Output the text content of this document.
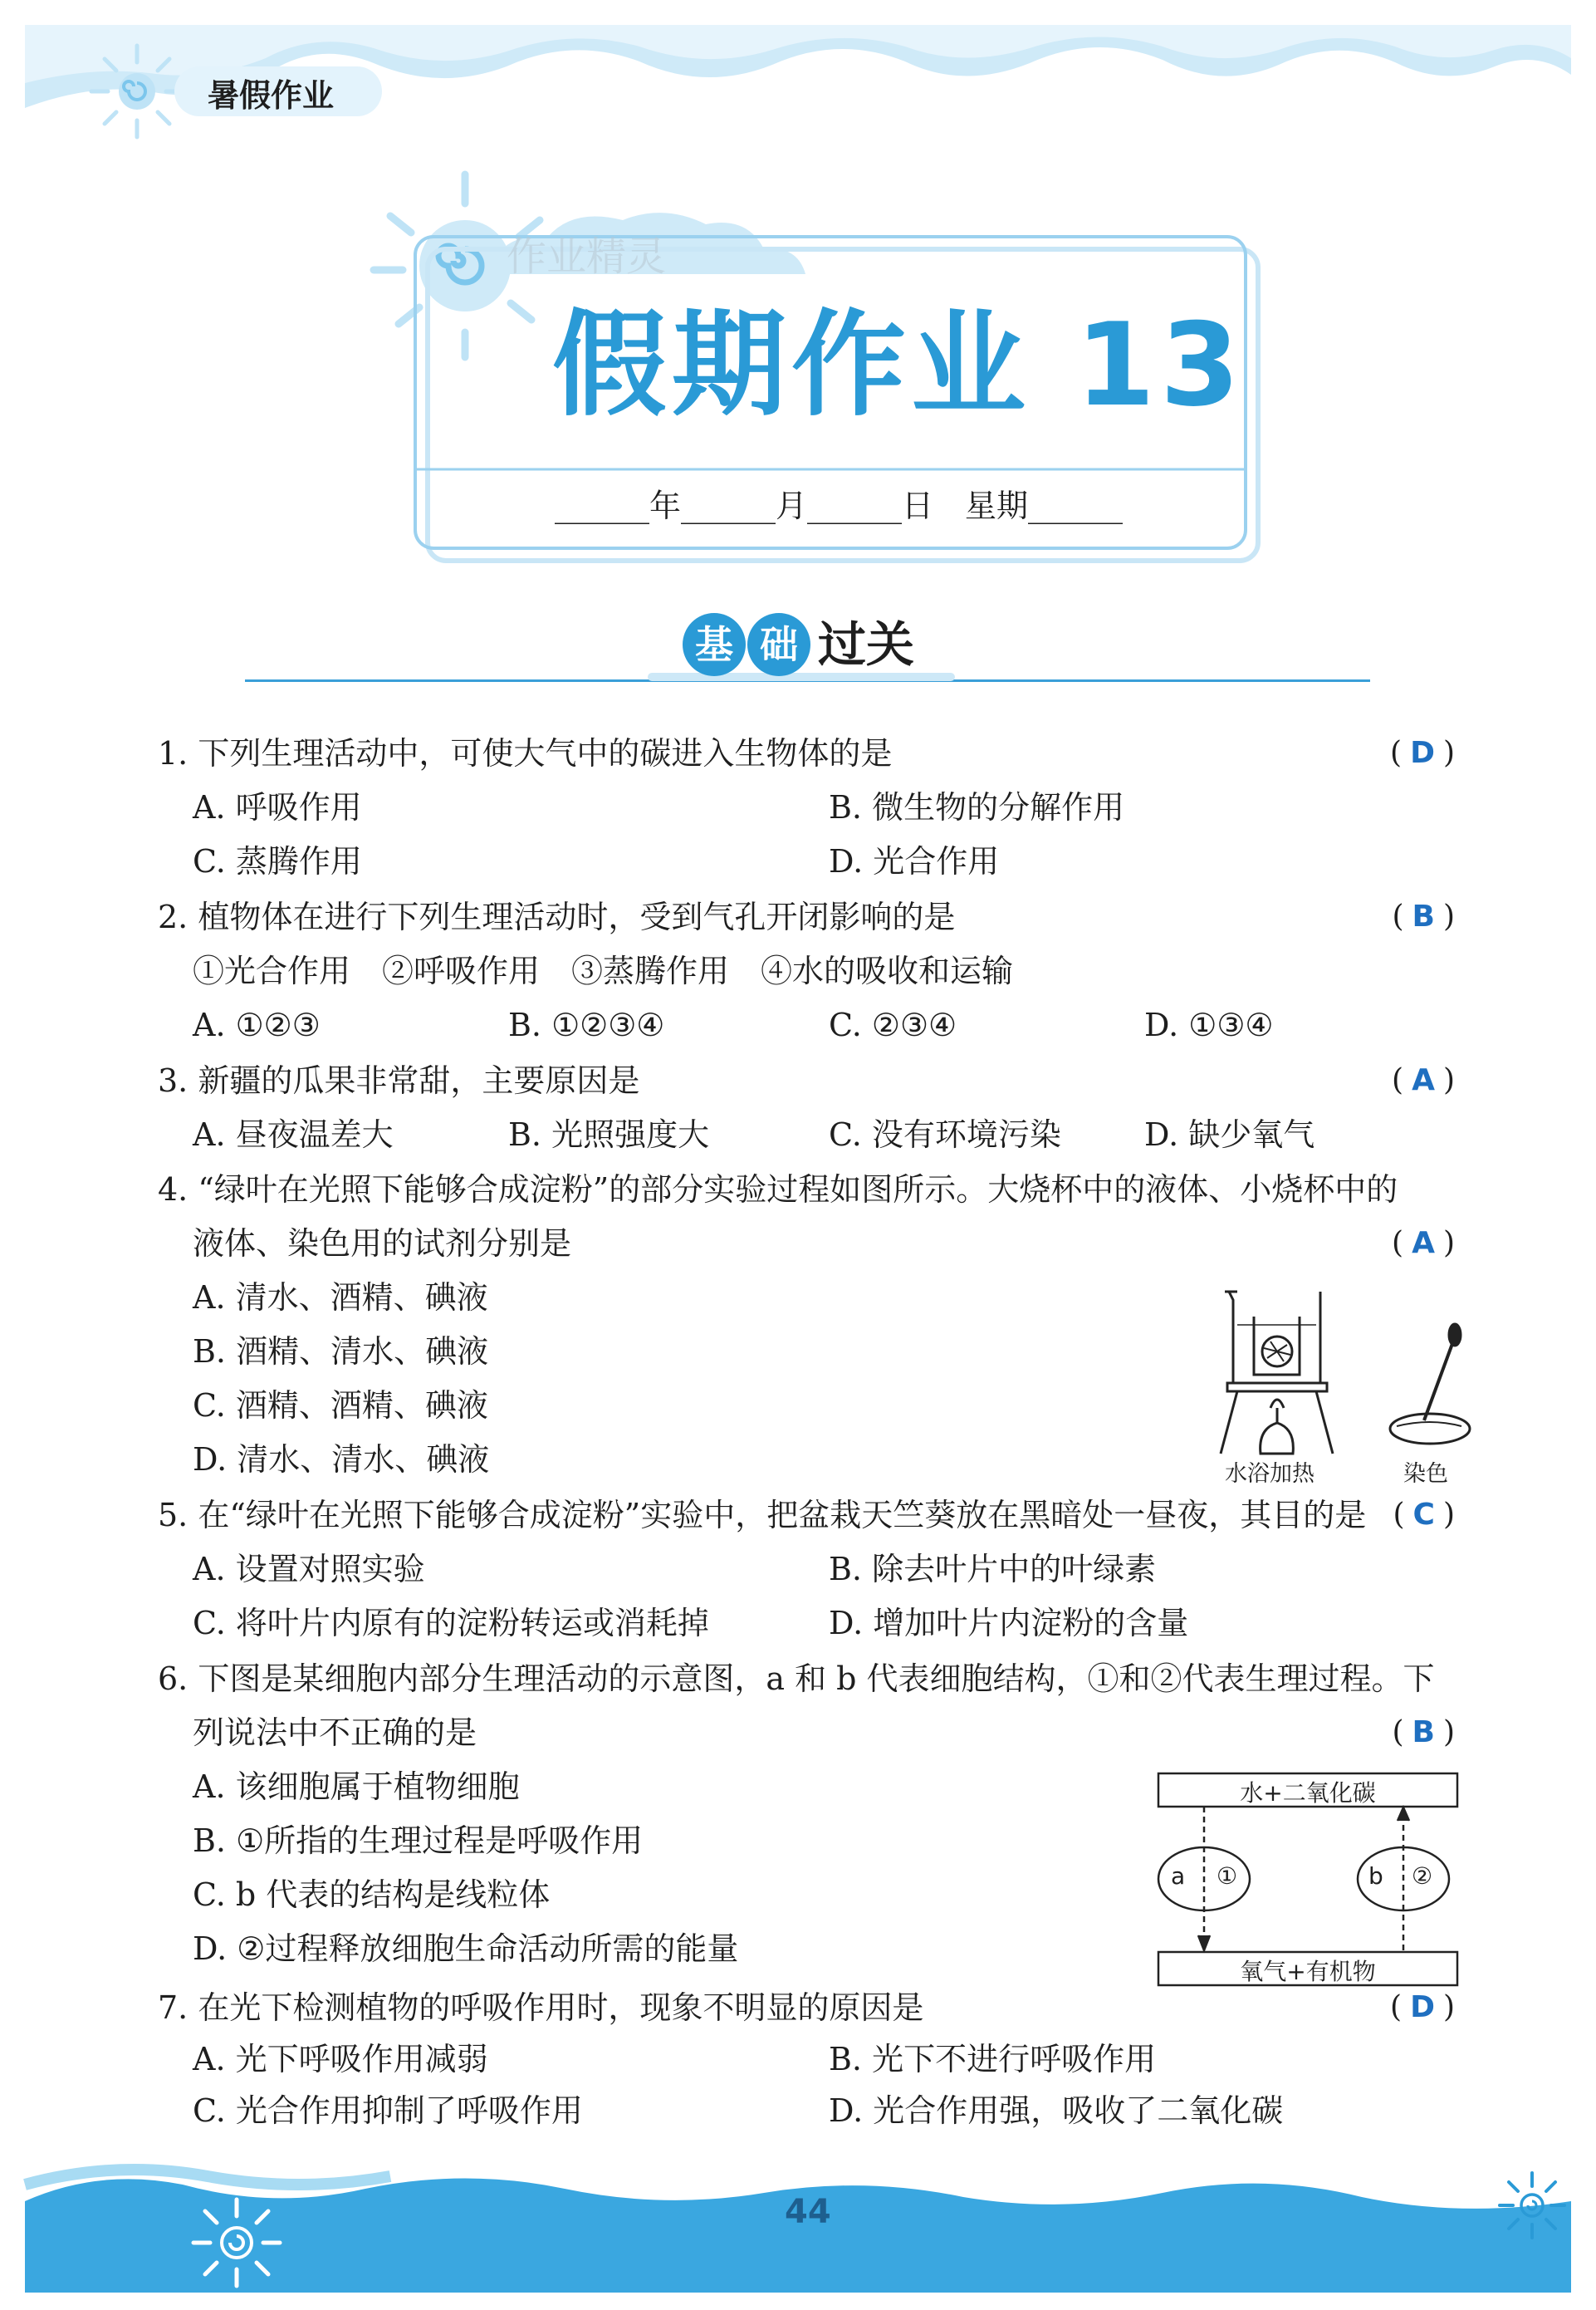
暑假作业
作业精灵
假期作业 13
______年______月______日　星期______
基 础 过关
1. 下列生理活动中，可使大气中的碳进入生物体的是	( D )
A. 呼吸作用	B. 微生物的分解作用
C. 蒸腾作用	D. 光合作用
2. 植物体在进行下列生理活动时，受到气孔开闭影响的是	( B )
①光合作用　②呼吸作用　③蒸腾作用　④水的吸收和运输
A. ①②③	B. ①②③④	C. ②③④	D. ①③④
3. 新疆的瓜果非常甜，主要原因是	( A )
A. 昼夜温差大	B. 光照强度大	C. 没有环境污染	D. 缺少氧气
4. “绿叶在光照下能够合成淀粉”的部分实验过程如图所示。大烧杯中的液体、小烧杯中的
液体、染色用的试剂分别是	( A )
A. 清水、酒精、碘液
B. 酒精、清水、碘液
C. 酒精、酒精、碘液
D. 清水、清水、碘液	水浴加热	染色
5. 在“绿叶在光照下能够合成淀粉”实验中，把盆栽天竺葵放在黑暗处一昼夜，其目的是 ( C )
A. 设置对照实验	B. 除去叶片中的叶绿素
C. 将叶片内原有的淀粉转运或消耗掉	D. 增加叶片内淀粉的含量
6. 下图是某细胞内部分生理活动的示意图，a 和 b 代表细胞结构，①和②代表生理过程。下
列说法中不正确的是	( B )
A. 该细胞属于植物细胞
B. ①所指的生理过程是呼吸作用
C. b 代表的结构是线粒体
D. ②过程释放细胞生命活动所需的能量
水+二氧化碳
氧气+有机物
a ①	b ②
7. 在光下检测植物的呼吸作用时，现象不明显的原因是	( D )
A. 光下呼吸作用减弱	B. 光下不进行呼吸作用
C. 光合作用抑制了呼吸作用	D. 光合作用强，吸收了二氧化碳
44
